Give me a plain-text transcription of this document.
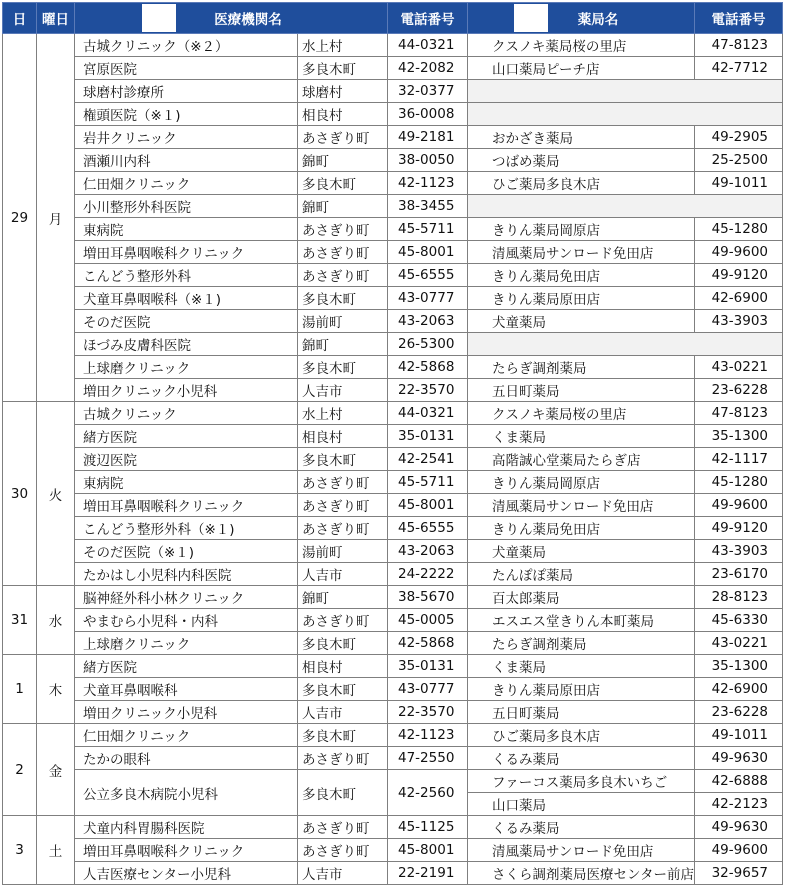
日	曜日	医療機関名		電話番号	薬局名	電話番号
29	月	古城クリニック（※２）	水上村	44-0321	クスノキ薬局桜の里店	47-8123
		宮原医院	多良木町	42-2082	山口薬局ピーチ店	42-7712
		球磨村診療所	球磨村	32-0377		
		権頭医院（※１)	相良村	36-0008		
		岩井クリニック	あさぎり町	49-2181	おかざき薬局	49-2905
		酒瀬川内科	錦町	38-0050	つばめ薬局	25-2500
		仁田畑クリニック	多良木町	42-1123	ひご薬局多良木店	49-1011
		小川整形外科医院	錦町	38-3455		
		東病院	あさぎり町	45-5711	きりん薬局岡原店	45-1280
		増田耳鼻咽喉科クリニック	あさぎり町	45-8001	清風薬局サンロード免田店	49-9600
		こんどう整形外科	あさぎり町	45-6555	きりん薬局免田店	49-9120
		犬童耳鼻咽喉科（※１)	多良木町	43-0777	きりん薬局原田店	42-6900
		そのだ医院	湯前町	43-2063	犬童薬局	43-3903
		ほづみ皮膚科医院	錦町	26-5300		
		上球磨クリニック	多良木町	42-5868	たらぎ調剤薬局	43-0221
		増田クリニック小児科	人吉市	22-3570	五日町薬局	23-6228
30	火	古城クリニック	水上村	44-0321	クスノキ薬局桜の里店	47-8123
		緒方医院	相良村	35-0131	くま薬局	35-1300
		渡辺医院	多良木町	42-2541	高階誠心堂薬局たらぎ店	42-1117
		東病院	あさぎり町	45-5711	きりん薬局岡原店	45-1280
		増田耳鼻咽喉科クリニック	あさぎり町	45-8001	清風薬局サンロード免田店	49-9600
		こんどう整形外科（※１)	あさぎり町	45-6555	きりん薬局免田店	49-9120
		そのだ医院（※１)	湯前町	43-2063	犬童薬局	43-3903
		たかはし小児科内科医院	人吉市	24-2222	たんぽぽ薬局	23-6170
31	水	脳神経外科小林クリニック	錦町	38-5670	百太郎薬局	28-8123
		やまむら小児科・内科	あさぎり町	45-0005	エスエス堂きりん本町薬局	45-6330
		上球磨クリニック	多良木町	42-5868	たらぎ調剤薬局	43-0221
1	木	緒方医院	相良村	35-0131	くま薬局	35-1300
		犬童耳鼻咽喉科	多良木町	43-0777	きりん薬局原田店	42-6900
		増田クリニック小児科	人吉市	22-3570	五日町薬局	23-6228
2	金	仁田畑クリニック	多良木町	42-1123	ひご薬局多良木店	49-1011
		たかの眼科	あさぎり町	47-2550	くるみ薬局	49-9630
		公立多良木病院小児科	多良木町	42-2560	ファーコス薬局多良木いちご	42-6888
					山口薬局	42-2123
3	土	犬童内科胃腸科医院	あさぎり町	45-1125	くるみ薬局	49-9630
		増田耳鼻咽喉科クリニック	あさぎり町	45-8001	清風薬局サンロード免田店	49-9600
		人吉医療センター小児科	人吉市	22-2191	さくら調剤薬局医療センター前店	32-9657
